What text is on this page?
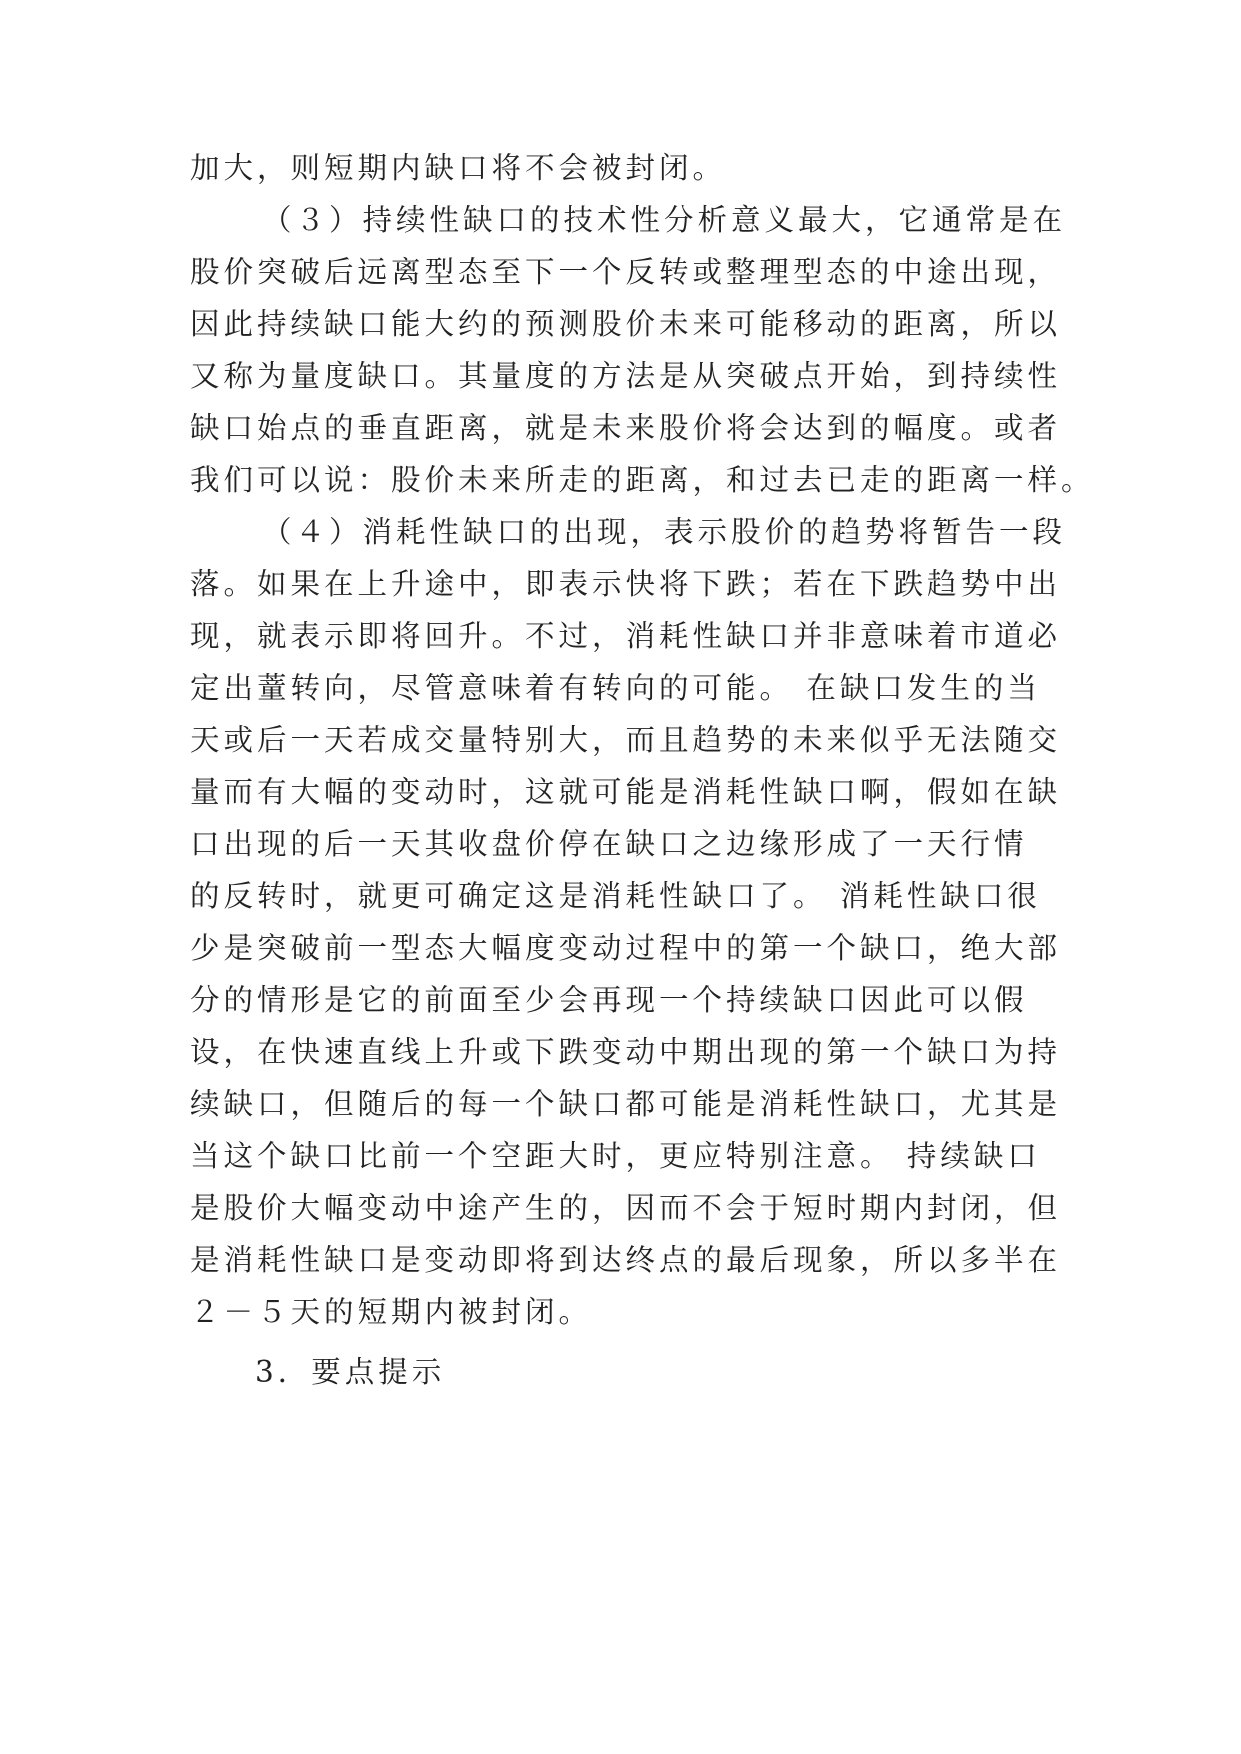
加大，则短期内缺口将不会被封闭。
（３）持续性缺口的技术性分析意义最大，它通常是在
股价突破后远离型态至下一个反转或整理型态的中途出现，
因此持续缺口能大约的预测股价未来可能移动的距离，所以
又称为量度缺口。其量度的方法是从突破点开始，到持续性
缺口始点的垂直距离，就是未来股价将会达到的幅度。或者
我们可以说：股价未来所走的距离，和过去已走的距离一样。
（４）消耗性缺口的出现，表示股价的趋势将暂告一段
落。如果在上升途中，即表示快将下跌；若在下跌趋势中出
现，就表示即将回升。不过，消耗性缺口并非意味着市道必
定出蕫转向，尽管意味着有转向的可能。 在缺口发生的当
天或后一天若成交量特别大，而且趋势的未来似乎无法随交
量而有大幅的变动时，这就可能是消耗性缺口啊，假如在缺
口出现的后一天其收盘价停在缺口之边缘形成了一天行情
的反转时，就更可确定这是消耗性缺口了。 消耗性缺口很
少是突破前一型态大幅度变动过程中的第一个缺口，绝大部
分的情形是它的前面至少会再现一个持续缺口因此可以假
设，在快速直线上升或下跌变动中期出现的第一个缺口为持
续缺口，但随后的每一个缺口都可能是消耗性缺口，尤其是
当这个缺口比前一个空距大时，更应特别注意。 持续缺口
是股价大幅变动中途产生的，因而不会于短时期内封闭，但
是消耗性缺口是变动即将到达终点的最后现象，所以多半在
２－５天的短期内被封闭。
3．要点提示
